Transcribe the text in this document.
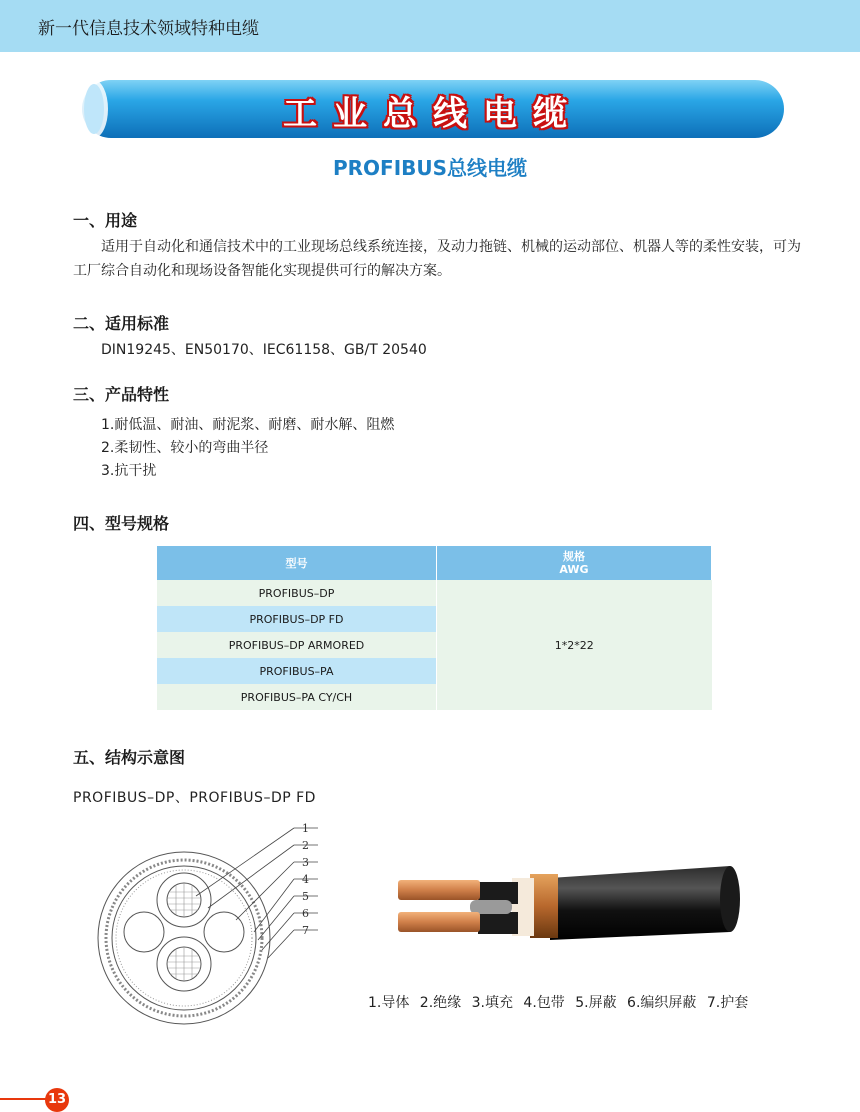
新一代信息技术领域特种电缆
工业总线电缆
PROFIBUS总线电缆
一、用途
适用于自动化和通信技术中的工业现场总线系统连接，及动力拖链、机械的运动部位、机器人等的柔性安装，可为工厂综合自动化和现场设备智能化实现提供可行的解决方案。
二、适用标准
DIN19245、EN50170、IEC61158、GB/T 20540
三、产品特性
1.耐低温、耐油、耐泥浆、耐磨、耐水解、阻燃
2.柔韧性、较小的弯曲半径
3.抗干扰
四、型号规格
型号	规格
AWG
PROFIBUS–DP	1*2*22
PROFIBUS–DP FD	
PROFIBUS–DP ARMORED	
PROFIBUS–PA	
PROFIBUS–PA CY/CH	
五、结构示意图
PROFIBUS–DP、PROFIBUS–DP FD
1
2
3
4
5
6
7
1.导体 2.绝缘 3.填充 4.包带 5.屏蔽 6.编织屏蔽 7.护套
13
